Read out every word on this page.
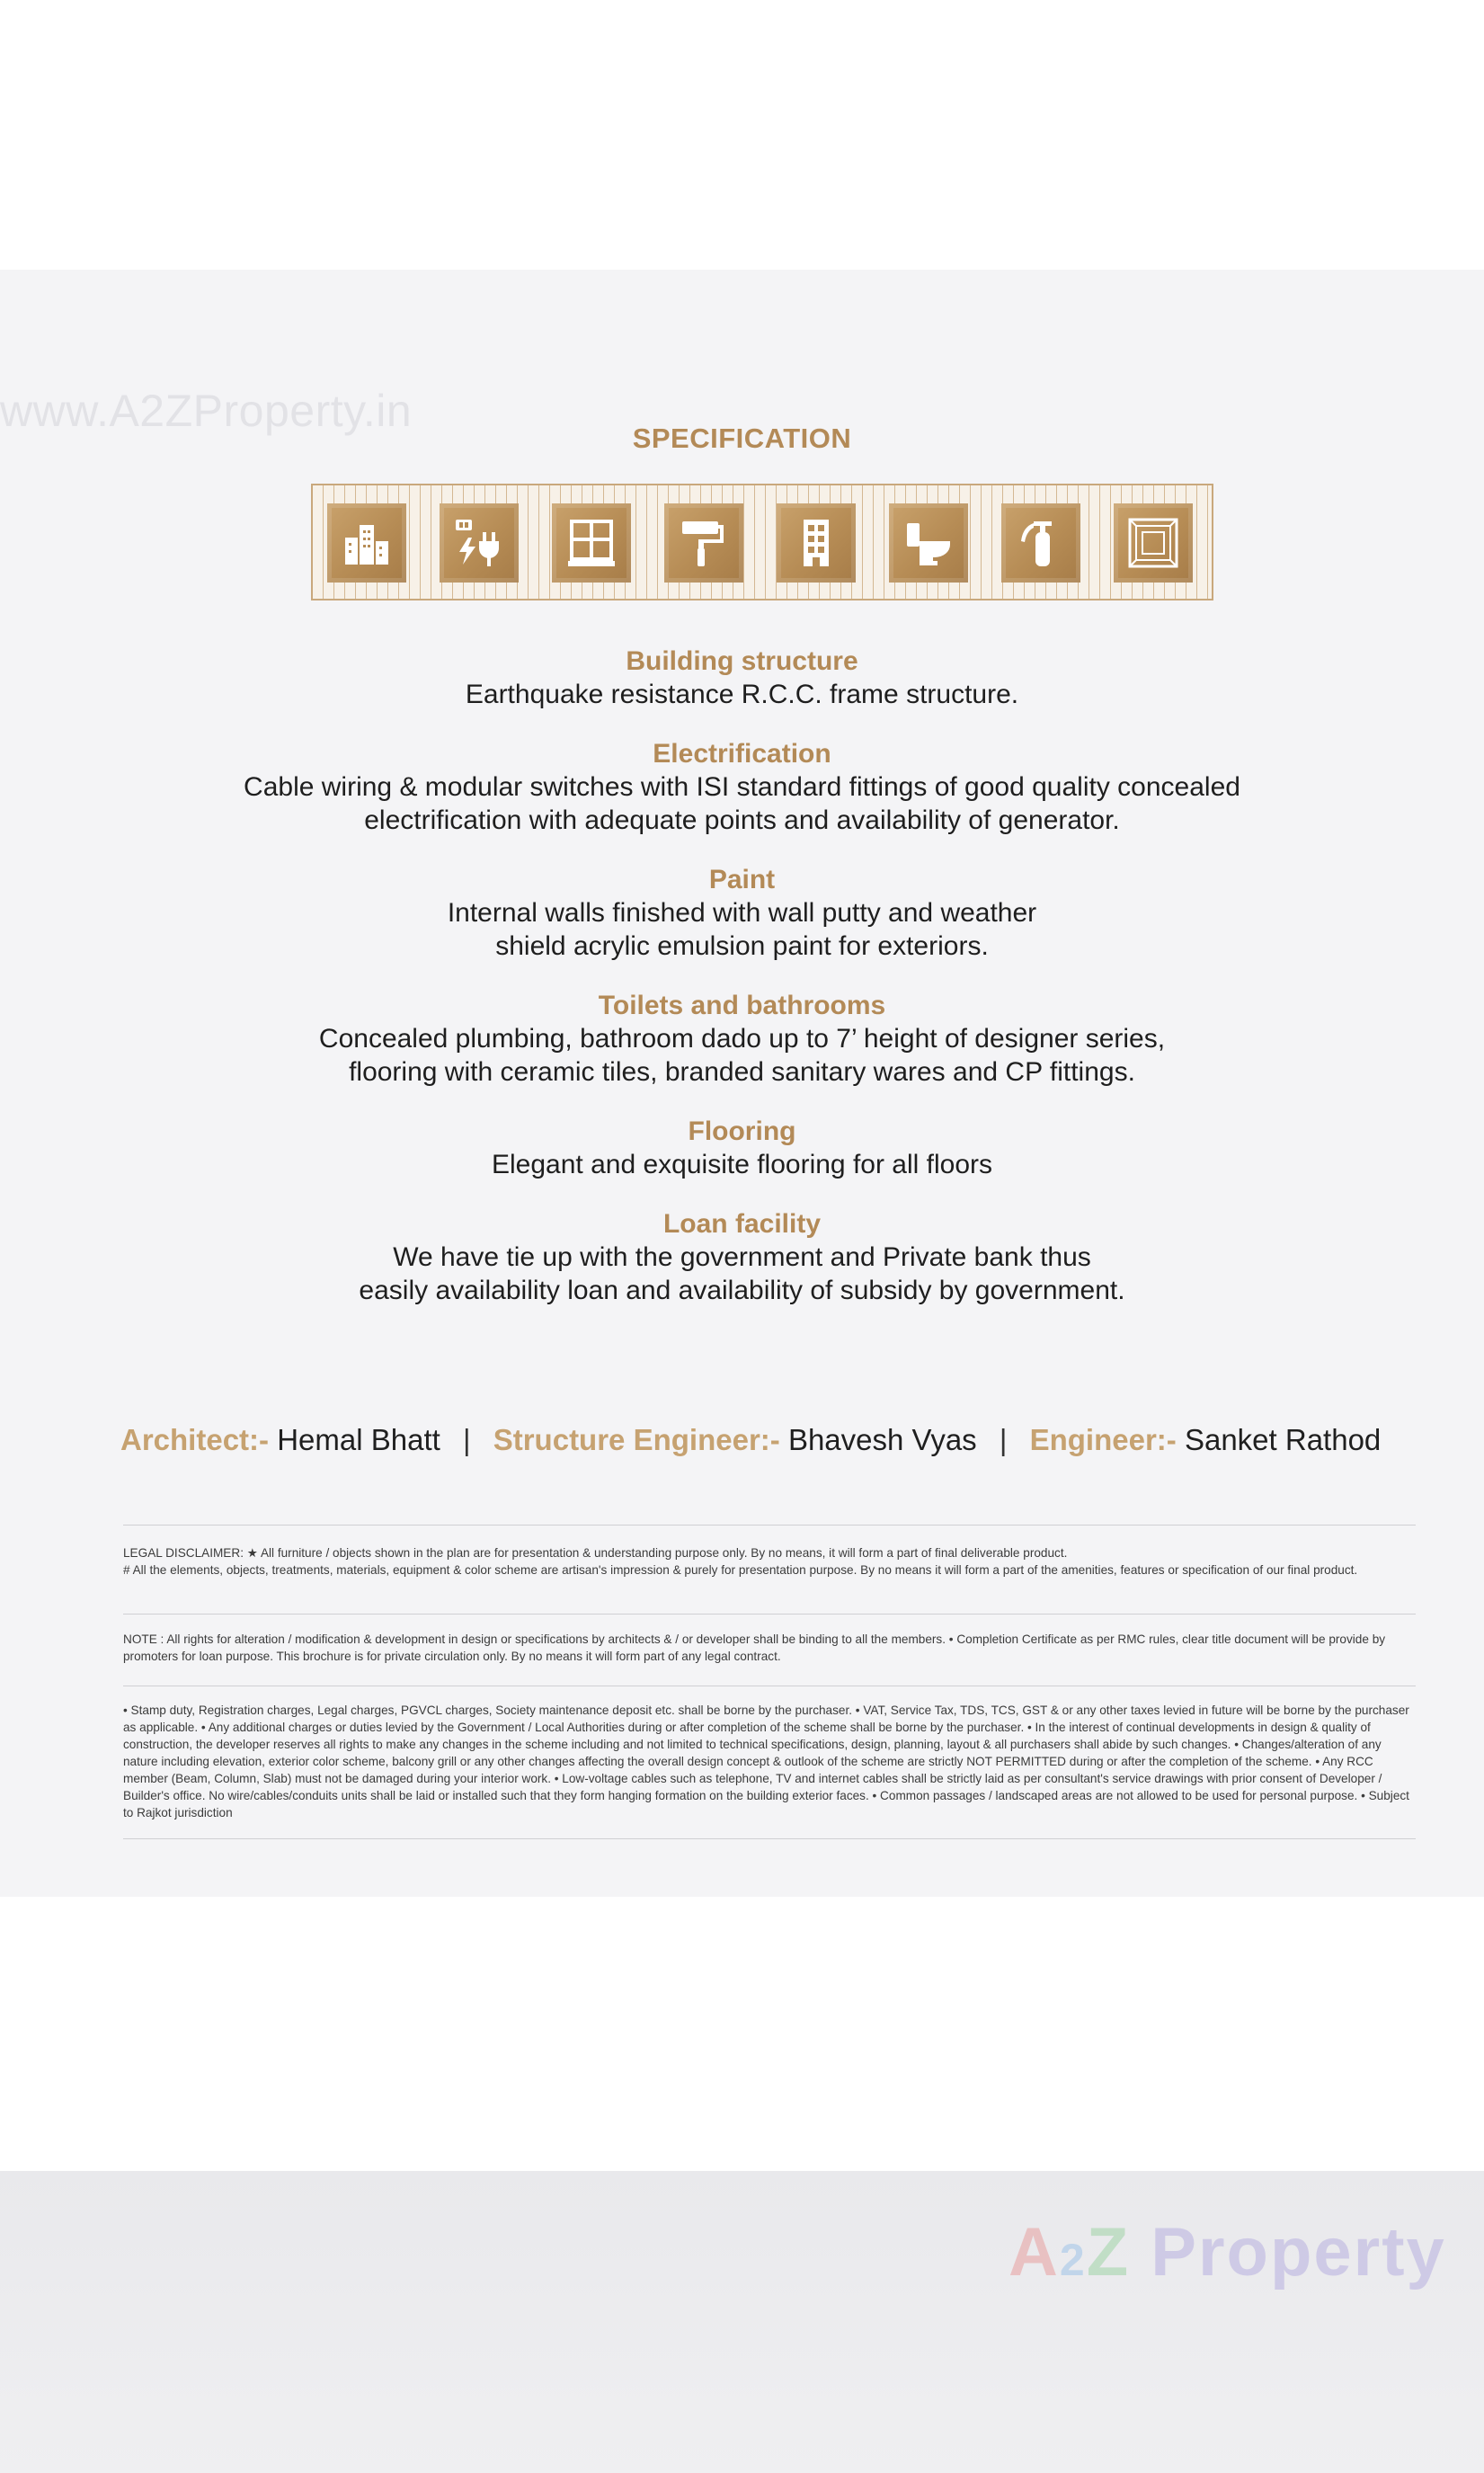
www.A2ZProperty.in
SPECIFICATION
Building structure
Earthquake resistance R.C.C. frame structure.
Electrification
Cable wiring & modular switches with ISI standard fittings of good quality concealed
electrification with adequate points and availability of generator.
Paint
Internal walls finished with wall putty and weather
shield acrylic emulsion paint for exteriors.
Toilets and bathrooms
Concealed plumbing, bathroom dado up to 7’ height of designer series,
flooring with ceramic tiles, branded sanitary wares and CP fittings.
Flooring
Elegant and exquisite flooring for all floors
Loan facility
We have tie up with the government and Private bank thus
easily availability loan and availability of subsidy by government.
Architect:- Hemal Bhatt | Structure Engineer:- Bhavesh Vyas | Engineer:- Sanket Rathod

LEGAL DISCLAIMER: ★ All furniture / objects shown in the plan are for presentation & understanding purpose only. By no means, it will form a part of final deliverable product.

# All the elements, objects, treatments, materials, equipment & color scheme are artisan's impression & purely for presentation purpose. By no means it will form a part of the amenities, features or specification of our final product.

NOTE : All rights for alteration / modification & development in design or specifications by architects & / or developer shall be binding to all the members. • Completion Certificate as per RMC rules, clear title document will be provide by promoters for loan purpose. This brochure is for private circulation only. By no means it will form part of any legal contract.

• Stamp duty, Registration charges, Legal charges, PGVCL charges, Society maintenance deposit etc. shall be borne by the purchaser. • VAT, Service Tax, TDS, TCS, GST & or any other taxes levied in future will be borne by the purchaser as applicable. • Any additional charges or duties levied by the Government / Local Authorities during or after completion of the scheme shall be borne by the purchaser. • In the interest of continual developments in design & quality of construction, the developer reserves all rights to make any changes in the scheme including and not limited to technical specifications, design, planning, layout & all purchasers shall abide by such changes. • Changes/alteration of any nature including elevation, exterior color scheme, balcony grill or any other changes affecting the overall design concept & outlook of the scheme are strictly NOT PERMITTED during or after the completion of the scheme. • Any RCC member (Beam, Column, Slab) must not be damaged during your interior work. • Low-voltage cables such as telephone, TV and internet cables shall be strictly laid as per consultant's service drawings with prior consent of Developer / Builder's office. No wire/cables/conduits units shall be laid or installed such that they form hanging formation on the building exterior faces. • Common passages / landscaped areas are not allowed to be used for personal purpose. • Subject to Rajkot jurisdiction

A2Z Property
